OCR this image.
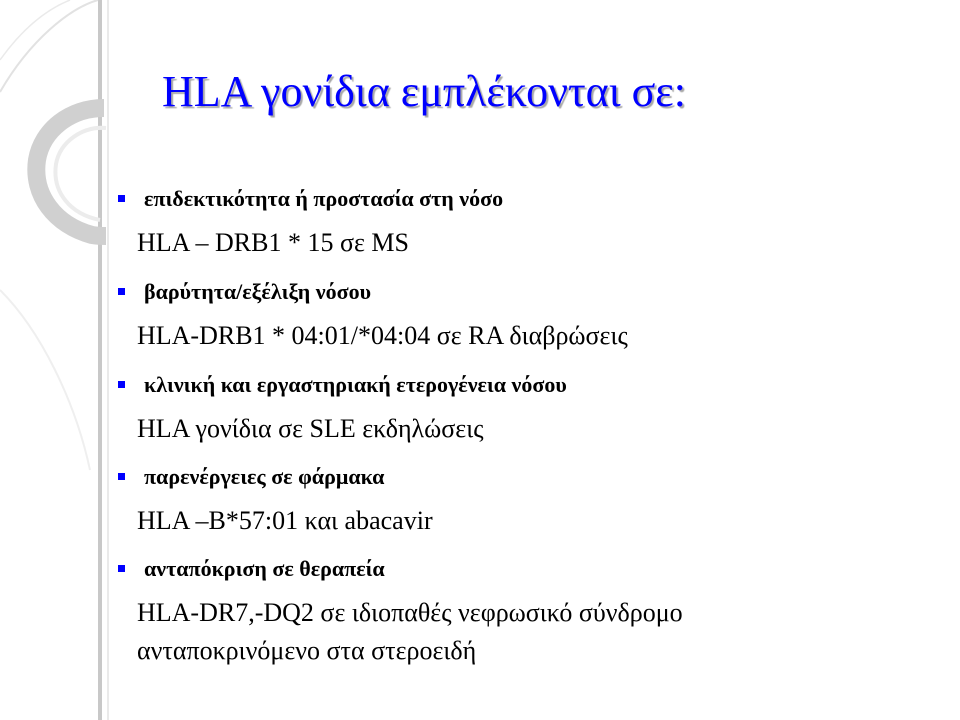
HLA γονίδια εμπλέκονται σε:
επιδεκτικότητα ή προστασία στη νόσο
HLA – DRB1 * 15 σε MS
βαρύτητα/εξέλιξη νόσου
HLA-DRB1 * 04:01/*04:04 σε RA διαβρώσεις
κλινική και εργαστηριακή ετερογένεια νόσου
HLA γονίδια σε SLE εκδηλώσεις
παρενέργειες σε φάρμακα
HLA –B*57:01 και abacavir
ανταπόκριση σε θεραπεία
HLA-DR7,-DQ2 σε ιδιοπαθές νεφρωσικό σύνδρομο
ανταποκρινόμενο στα στεροειδή
